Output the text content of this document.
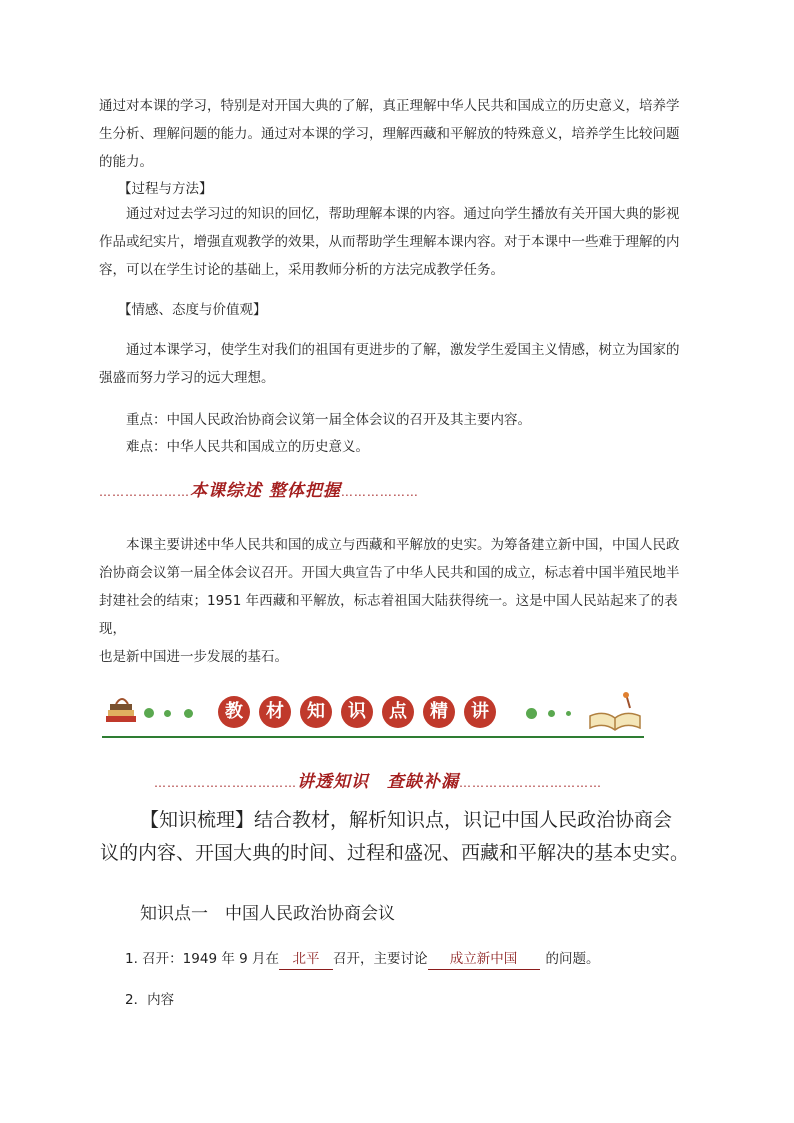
通过对本课的学习，特别是对开国大典的了解，真正理解中华人民共和国成立的历史意义，培养学
生分析、理解问题的能力。通过对本课的学习，理解西藏和平解放的特殊意义，培养学生比较问题
的能力。
【过程与方法】
通过对过去学习过的知识的回忆，帮助理解本课的内容。通过向学生播放有关开国大典的影视
作品或纪实片，增强直观教学的效果，从而帮助学生理解本课内容。对于本课中一些难于理解的内
容，可以在学生讨论的基础上，采用教师分析的方法完成教学任务。
【情感、态度与价值观】
通过本课学习，使学生对我们的祖国有更进步的了解，激发学生爱国主义情感，树立为国家的
强盛而努力学习的远大理想。
重点：中国人民政治协商会议第一届全体会议的召开及其主要内容。
难点：中华人民共和国成立的历史意义。
…………………本课综述 整体把握………………
本课主要讲述中华人民共和国的成立与西藏和平解放的史实。为筹备建立新中国，中国人民政
治协商会议第一届全体会议召开。开国大典宣告了中华人民共和国的成立，标志着中国半殖民地半
封建社会的结束；1951 年西藏和平解放，标志着祖国大陆获得统一。这是中国人民站起来了的表现，
也是新中国进一步发展的基石。
教	材	知	识	点	精	讲
……………………………讲透知识　查缺补漏……………………………
【知识梳理】结合教材，解析知识点，识记中国人民政治协商会
议的内容、开国大典的时间、过程和盛况、西藏和平解决的基本史实。
知识点一　中国人民政治协商会议
1. 召开：1949 年 9 月在 北平 召开，主要讨论 成立新中国 的问题。
2．内容
